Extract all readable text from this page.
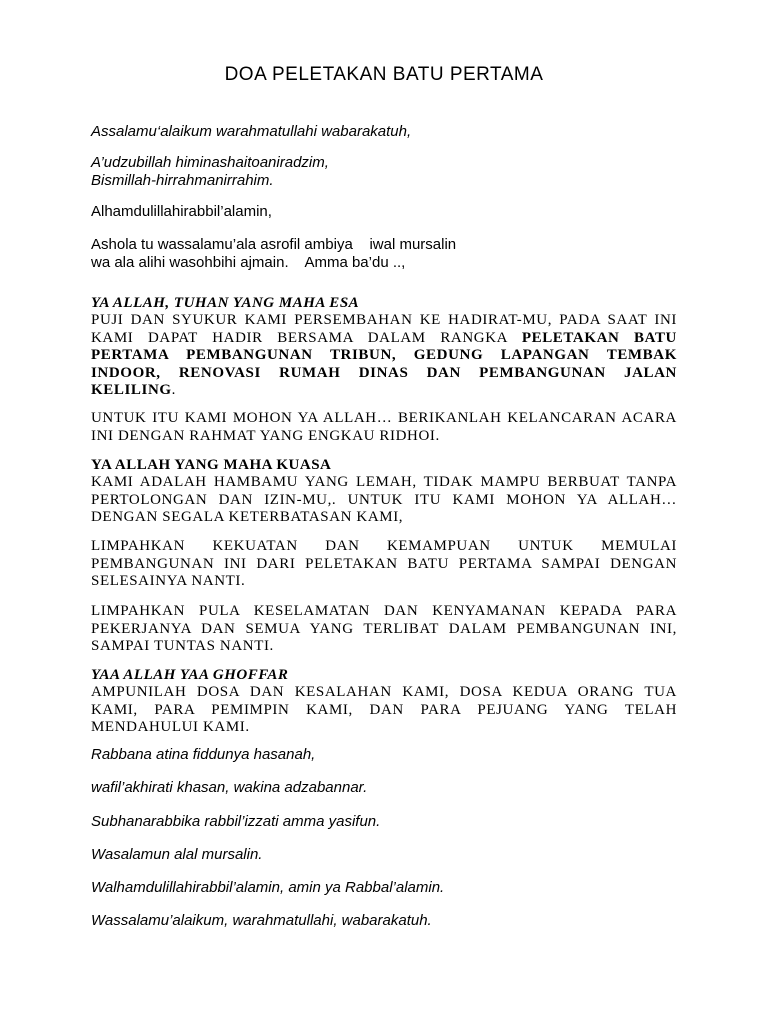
DOA PELETAKAN BATU PERTAMA
Assalamu‘alaikum warahmatullahi wabarakatuh,
A’udzubillah himinashaitoaniradzim,
Bismillah-hirrahmanirrahim.
Alhamdulillahirabbil’alamin,
Ashola tu wassalamu’ala asrofil ambiya    iwal mursalin
wa ala alihi wasohbihi ajmain.    Amma ba’du ..,
YA ALLAH, TUHAN YANG MAHA ESA

PUJI DAN SYUKUR KAMI PERSEMBAHAN KE HADIRAT-MU, PADA SAAT INI KAMI DAPAT HADIR BERSAMA DALAM RANGKA PELETAKAN BATU PERTAMA PEMBANGUNAN TRIBUN, GEDUNG LAPANGAN TEMBAK INDOOR, RENOVASI RUMAH DINAS DAN PEMBANGUNAN JALAN KELILING.

UNTUK ITU KAMI MOHON YA ALLAH… BERIKANLAH KELANCARAN ACARA INI DENGAN RAHMAT YANG ENGKAU RIDHOI.

YA ALLAH YANG MAHA KUASA

KAMI ADALAH HAMBAMU YANG LEMAH, TIDAK MAMPU BERBUAT TANPA PERTOLONGAN DAN IZIN-MU,. UNTUK ITU KAMI MOHON YA ALLAH… DENGAN SEGALA KETERBATASAN KAMI,

LIMPAHKAN KEKUATAN DAN KEMAMPUAN UNTUK MEMULAI PEMBANGUNAN INI DARI PELETAKAN BATU PERTAMA SAMPAI DENGAN SELESAINYA NANTI.

LIMPAHKAN PULA KESELAMATAN DAN KENYAMANAN KEPADA PARA PEKERJANYA DAN SEMUA YANG TERLIBAT DALAM PEMBANGUNAN INI, SAMPAI TUNTAS NANTI.

YAA ALLAH YAA GHOFFAR

AMPUNILAH DOSA DAN KESALAHAN KAMI, DOSA KEDUA ORANG TUA KAMI, PARA PEMIMPIN KAMI, DAN PARA PEJUANG YANG TELAH MENDAHULUI KAMI.

Rabbana atina fiddunya hasanah,
wafil’akhirati khasan, wakina adzabannar.
Subhanarabbika rabbil’izzati amma yasifun.
Wasalamun alal mursalin.
Walhamdulillahirabbil’alamin, amin ya Rabbal’alamin.
Wassalamu’alaikum, warahmatullahi, wabarakatuh.
